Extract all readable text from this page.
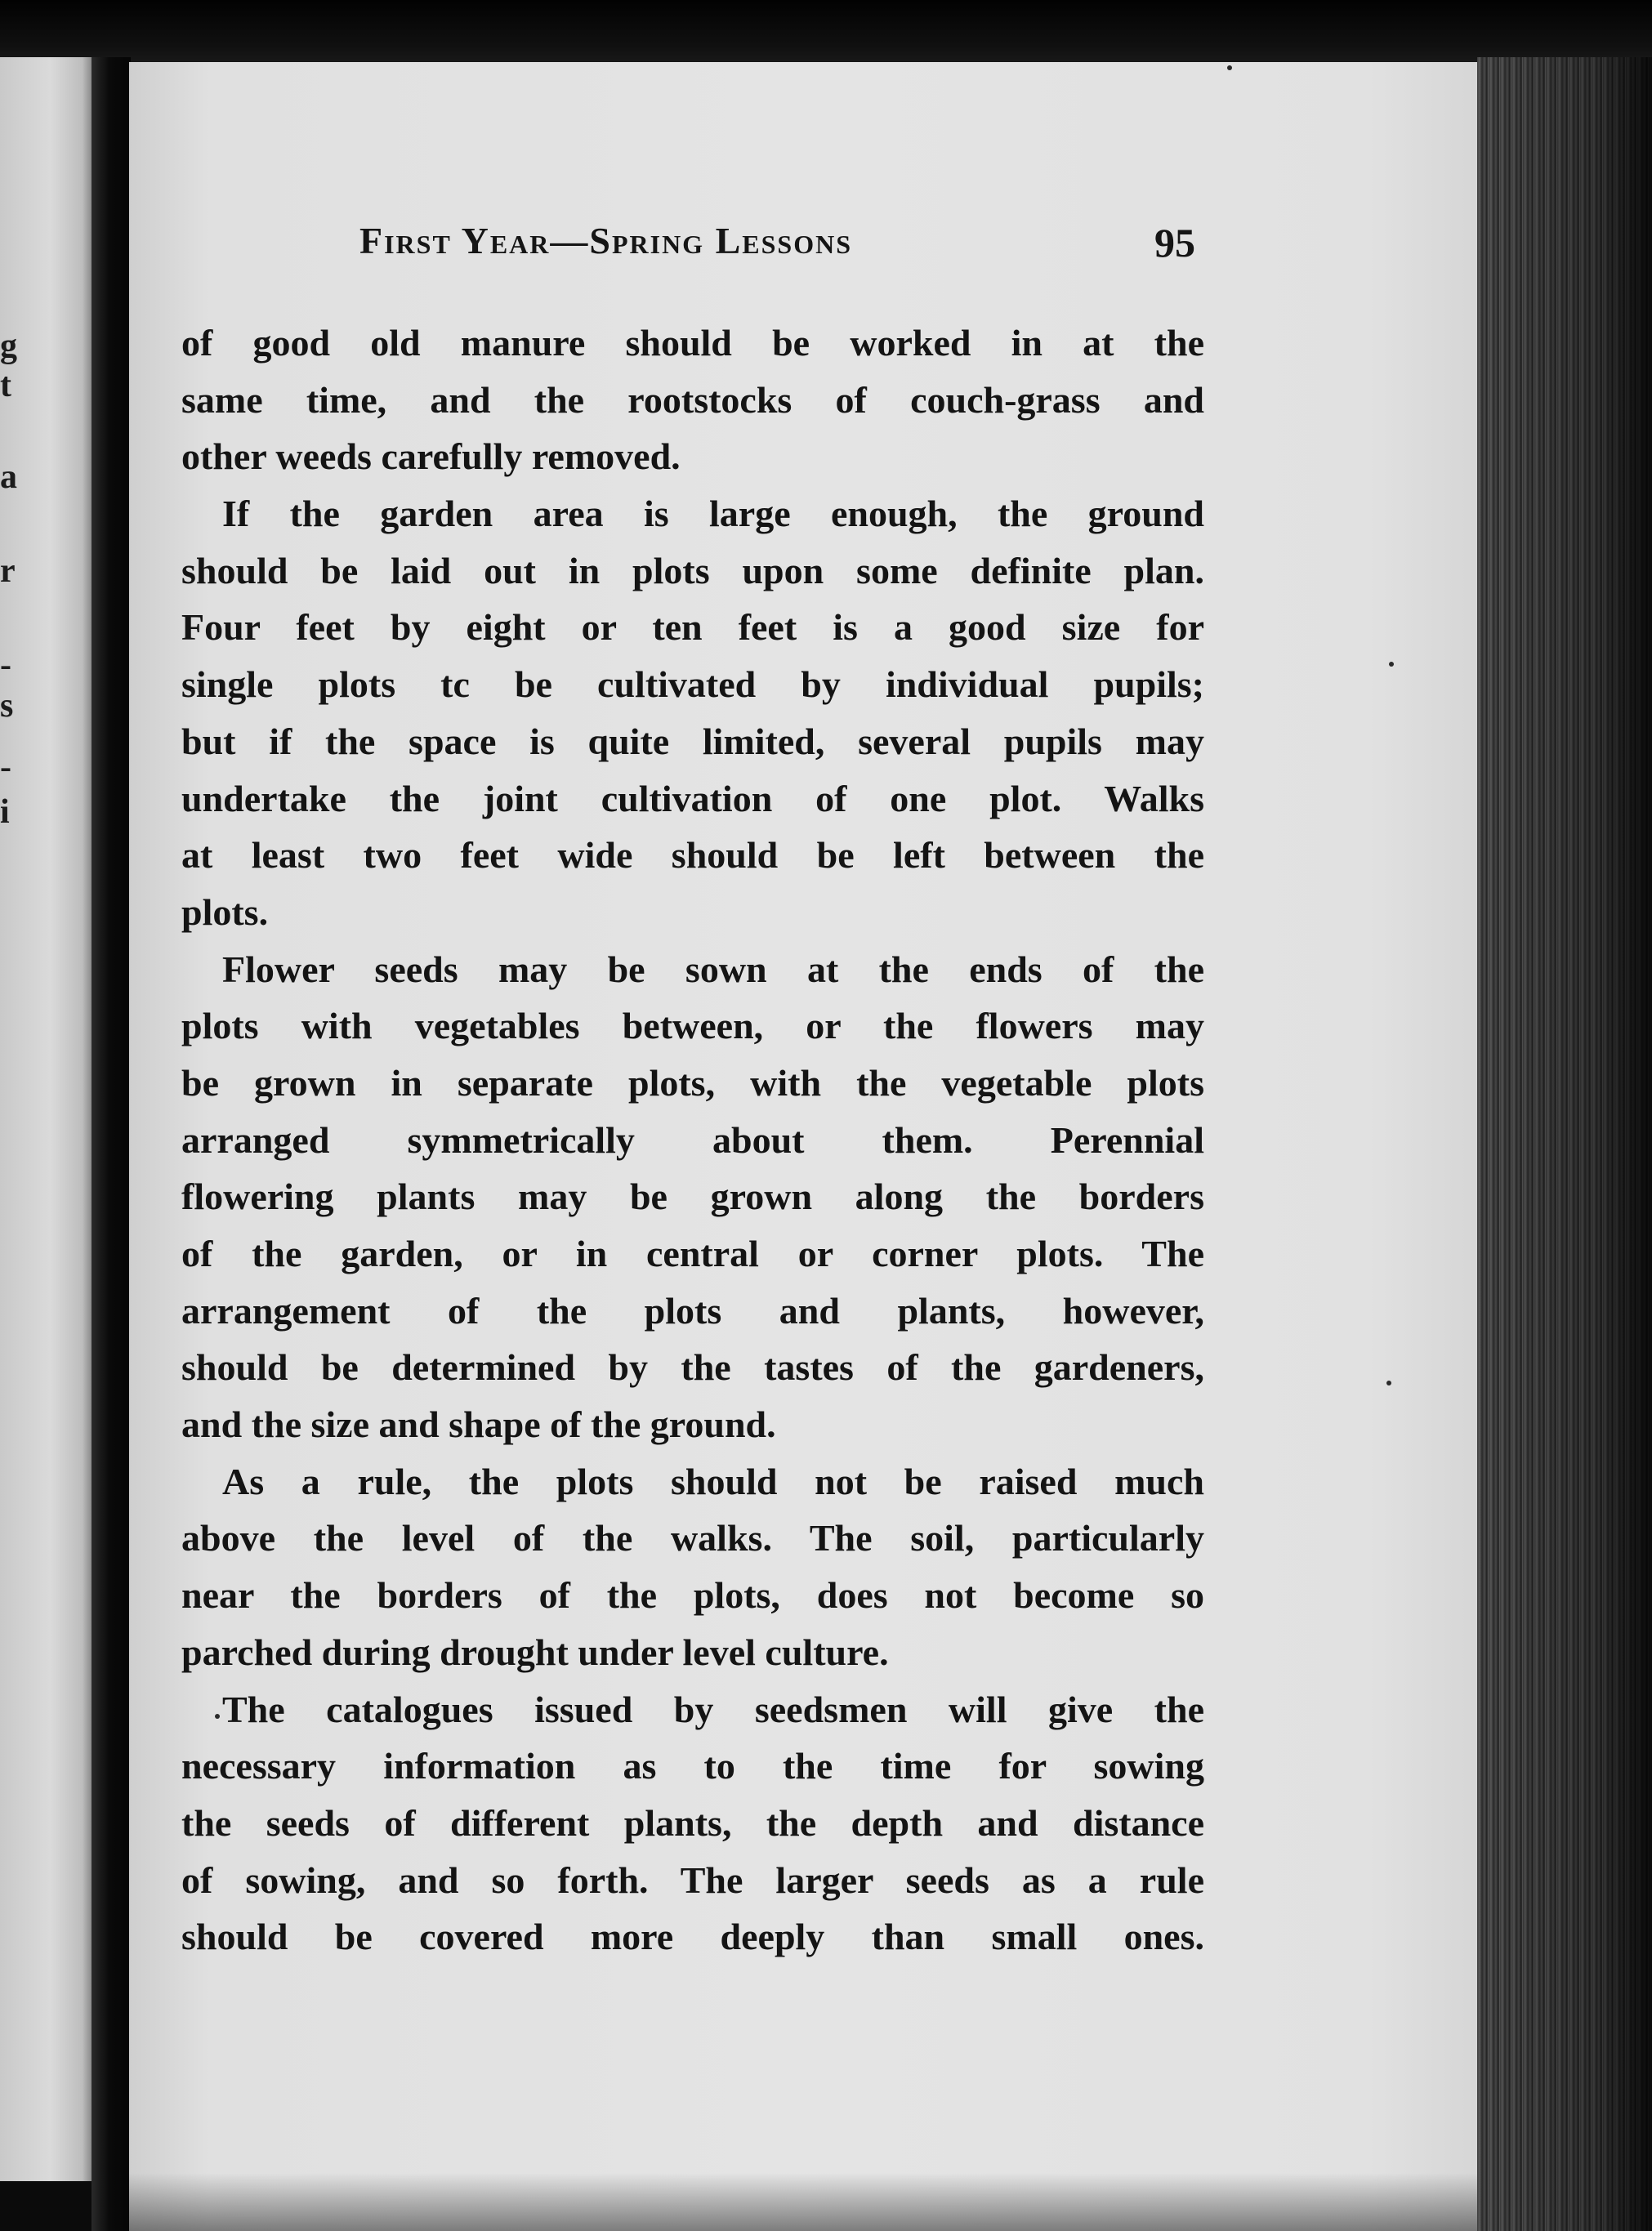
g
t
a
r
-
s
-
i
First Year—Spring Lessons	95
of good old manure should be worked in at the
same time, and the rootstocks of couch-grass and
other weeds carefully removed.
If the garden area is large enough, the ground
should be laid out in plots upon some definite plan.
Four feet by eight or ten feet is a good size for
single plots tc be cultivated by individual pupils;
but if the space is quite limited, several pupils may
undertake the joint cultivation of one plot. Walks
at least two feet wide should be left between the
plots.
Flower seeds may be sown at the ends of the
plots with vegetables between, or the flowers may
be grown in separate plots, with the vegetable plots
arranged symmetrically about them. Perennial
flowering plants may be grown along the borders
of the garden, or in central or corner plots. The
arrangement of the plots and plants, however,
should be determined by the tastes of the gardeners,
and the size and shape of the ground.
As a rule, the plots should not be raised much
above the level of the walks. The soil, particularly
near the borders of the plots, does not become so
parched during drought under level culture.
The catalogues issued by seedsmen will give the
necessary information as to the time for sowing
the seeds of different plants, the depth and distance
of sowing, and so forth. The larger seeds as a rule
should be covered more deeply than small ones.
